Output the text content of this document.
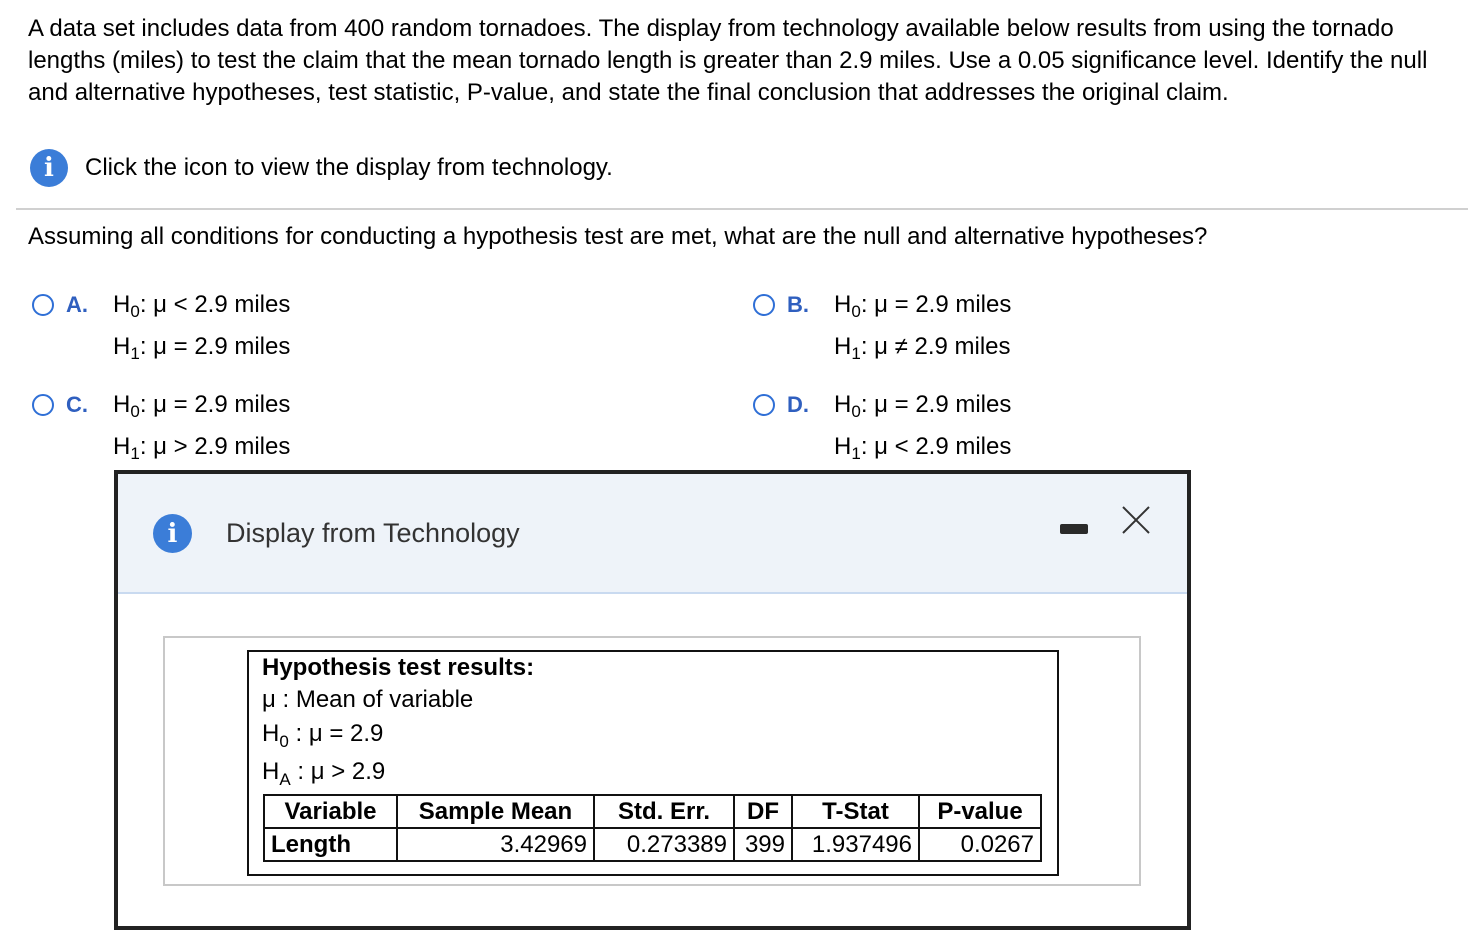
A data set includes data from 400 random tornadoes. The display from technology available below results from using the tornado lengths (miles) to test the claim that the mean tornado length is greater than 2.9 miles. Use a 0.05 significance level. Identify the null and alternative hypotheses, test statistic, P-value, and state the final conclusion that addresses the original claim.

i	Click the icon to view the display from technology.
Assuming all conditions for conducting a hypothesis test are met, what are the null and alternative hypotheses?
A.	$H_0$: μ < 2.9 miles
$H_1$: μ = 2.9 miles
B.	$H_0$: μ = 2.9 miles
$H_1$: μ ≠ 2.9 miles
C.	$H_0$: μ = 2.9 miles
$H_1$: μ > 2.9 miles
D.	$H_0$: μ = 2.9 miles
$H_1$: μ < 2.9 miles
i	Display from Technology
Hypothesis test results:
μ : Mean of variable
$H_0$ : μ = 2.9
$H_A$ : μ > 2.9
Variable	Sample Mean	Std. Err.	DF	T-Stat	P-value
Length	3.42969	0.273389	399	1.937496	0.0267
